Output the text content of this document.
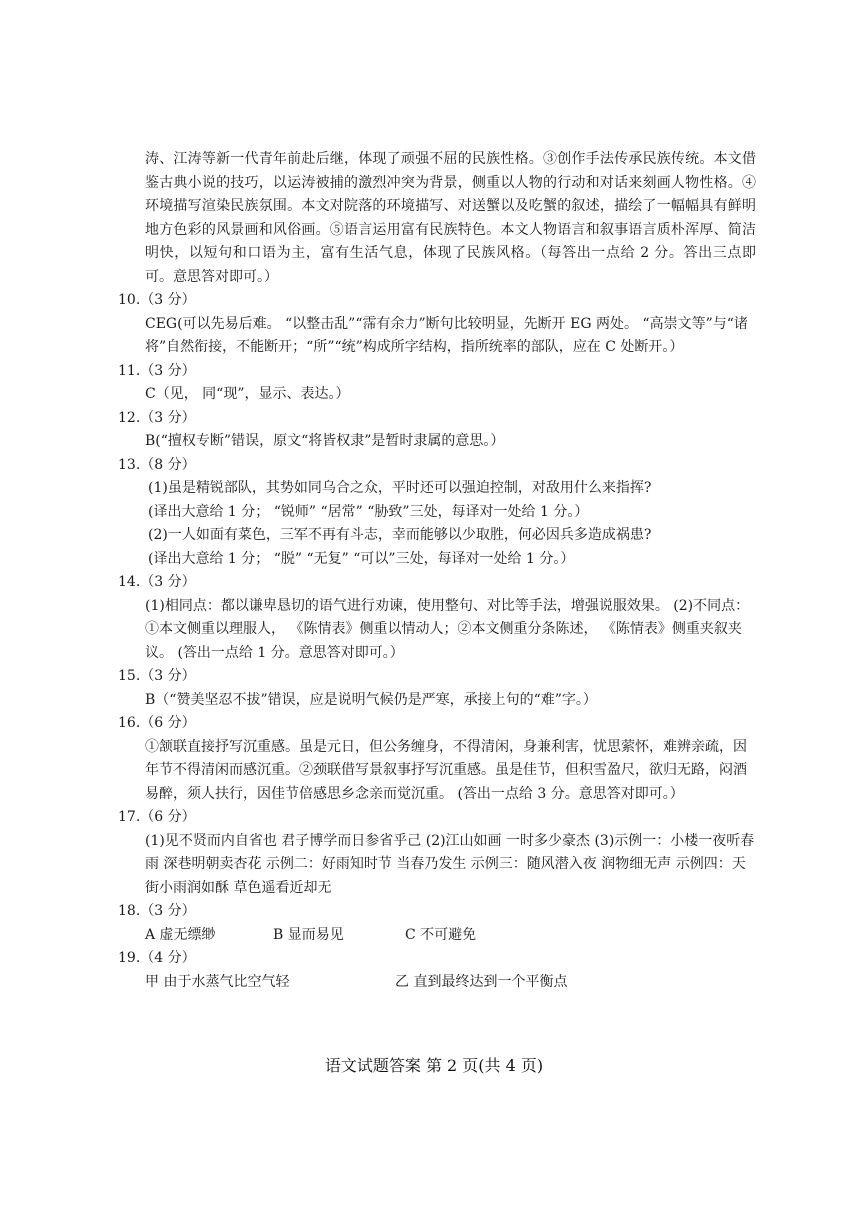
涛、江涛等新一代青年前赴后继，体现了顽强不屈的民族性格。③创作手法传承民族传统。本文借鉴古典小说的技巧，以运涛被捕的激烈冲突为背景，侧重以人物的行动和对话来刻画人物性格。④环境描写渲染民族氛围。本文对院落的环境描写、对送蟹以及吃蟹的叙述，描绘了一幅幅具有鲜明地方色彩的风景画和风俗画。⑤语言运用富有民族特色。本文人物语言和叙事语言质朴浑厚、简洁明快，以短句和口语为主，富有生活气息，体现了民族风格。（每答出一点给 2 分。答出三点即可。意思答对即可。）

10.（3 分）

CEG(可以先易后难。 “以整击乱”“霈有余力”断句比较明显，先断开 EG 两处。 “高崇文等”与“诸将”自然衔接，不能断开；“所”“统”构成所字结构，指所统率的部队，应在 C 处断开。）

11.（3 分）

C（见， 同“现”，显示、表达。）

12.（3 分）

B(“擅权专断”错误，原文“将皆权隶”是暂时隶属的意思。）

13.（8 分）

(1)虽是精锐部队，其势如同乌合之众，平时还可以强迫控制，对敌用什么来指挥?

(译出大意给 1 分； “锐师” “居常” “胁致”三处，每译对一处给 1 分。）

(2)一人如面有菜色，三军不再有斗志，幸而能够以少取胜，何必因兵多造成祸患?

(译出大意给 1 分； “脱” “无复” “可以”三处，每译对一处给 1 分。）

14.（3 分）

(1)相同点：都以谦卑恳切的语气进行劝谏，使用整句、对比等手法，增强说服效果。 (2)不同点：①本文侧重以理服人， 《陈情表》侧重以情动人；②本文侧重分条陈述， 《陈情表》侧重夹叙夹议。 (答出一点给 1 分。意思答对即可。）

15.（3 分）

B（“赞美坚忍不拔”错误，应是说明气候仍是严寒，承接上句的“难”字。）

16.（6 分）

①颔联直接抒写沉重感。虽是元日，但公务缠身，不得清闲，身兼利害，忧思萦怀，难辨亲疏，因年节不得清闲而感沉重。②颈联借写景叙事抒写沉重感。虽是佳节，但积雪盈尺，欲归无路，闷酒易醉，须人扶行，因佳节倍感思乡念亲而觉沉重。 (答出一点给 3 分。意思答对即可。）

17.（6 分）

(1)见不贤而内自省也 君子博学而日参省乎己 (2)江山如画 一时多少豪杰 (3)示例一：小楼一夜听春雨 深巷明朝卖杏花 示例二：好雨知时节 当春乃发生 示例三：随风潜入夜 润物细无声 示例四：天街小雨润如酥 草色遥看近却无

18.（3 分）

A 虚无缥缈	B 显而易见	C 不可避免

19.（4 分）

甲 由于水蒸气比空气轻	乙 直到最终达到一个平衡点
语文试题答案 第 2 页(共 4 页)
